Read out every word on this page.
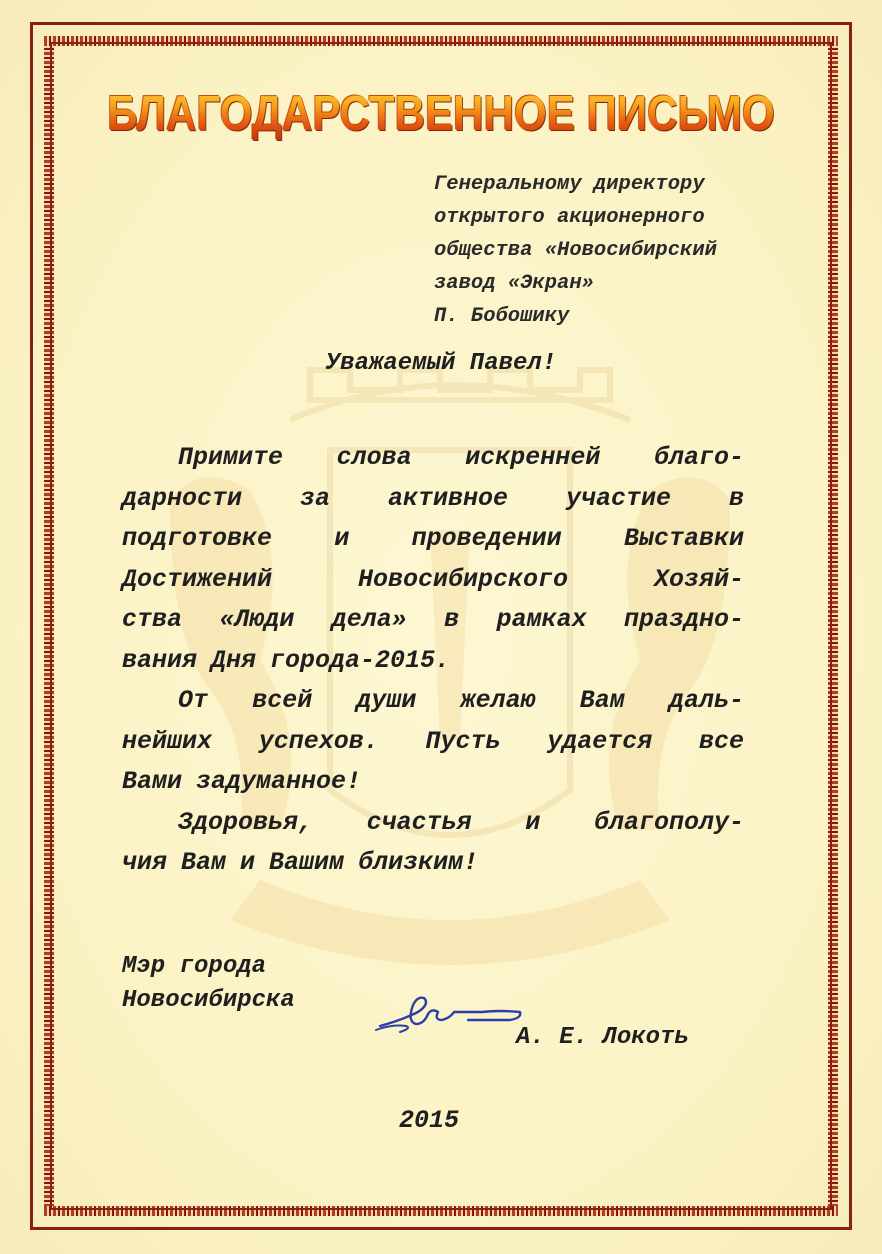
БЛАГОДАРСТВЕННОЕ ПИСЬМО
Генеральному директору
открытого акционерного
общества «Новосибирский
завод «Экран»
П. Бобошику
Уважаемый Павел!
Примите слова искренней благо-
дарности за активное участие в
подготовке и проведении Выставки
Достижений	Новосибирского	Хозяй-
ства «Люди дела» в рамках праздно-
вания Дня города-2015.
От всей души желаю Вам даль-
нейших успехов. Пусть удается все
Вами задуманное!
Здоровья, счастья и благополу-
чия Вам и Вашим близким!
Мэр города
Новосибирска
А. Е. Локоть
2015
